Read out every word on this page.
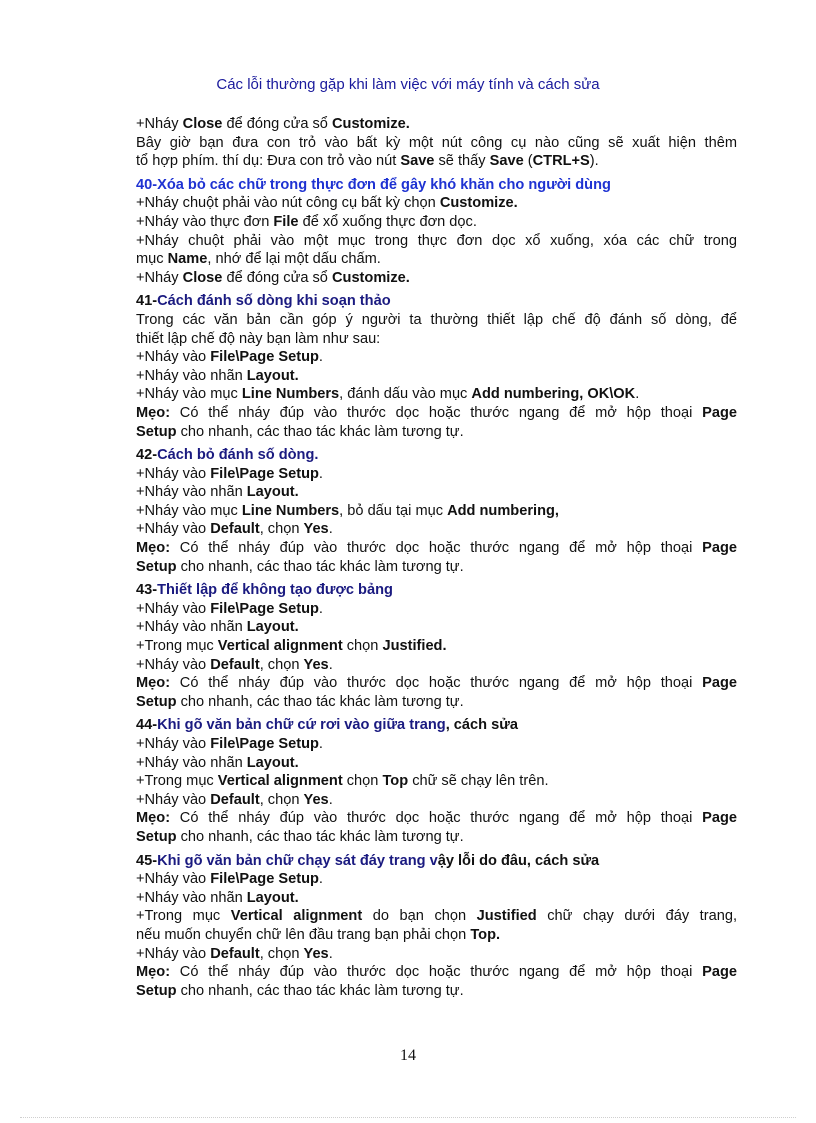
Các lỗi thường gặp khi làm việc với máy tính và cách sửa
+Nháy Close để đóng cửa sổ Customize.
Bây giờ bạn đưa con trỏ vào bất kỳ một nút công cụ nào cũng sẽ xuất hiện thêm
tổ hợp phím. thí dụ: Đưa con trỏ vào nút Save sẽ thấy Save (CTRL+S).
40-Xóa bỏ các chữ trong thực đơn để gây khó khăn cho người dùng
+Nháy chuột phải vào nút công cụ bất kỳ chọn Customize.
+Nháy vào thực đơn File để xổ xuống thực đơn dọc.
+Nháy chuột phải vào một mục trong thực đơn dọc xổ xuống, xóa các chữ trong
mục Name, nhớ để lại một dấu chấm.
+Nháy Close để đóng cửa sổ Customize.
41-Cách đánh số dòng khi soạn thảo
Trong các văn bản cần góp ý người ta thường thiết lập chế độ đánh số dòng, để
thiết lập chế độ này bạn làm như sau:
+Nháy vào File\Page Setup.
+Nháy vào nhãn Layout.
+Nháy vào mục Line Numbers, đánh dấu vào mục Add numbering, OK\OK.
Mẹo: Có thể nháy đúp vào thước dọc hoặc thước ngang để mở hộp thoại Page
Setup cho nhanh, các thao tác khác làm tương tự.
42-Cách bỏ đánh số dòng.
+Nháy vào File\Page Setup.
+Nháy vào nhãn Layout.
+Nháy vào mục Line Numbers, bỏ dấu tại mục Add numbering,
+Nháy vào Default, chọn Yes.
Mẹo: Có thể nháy đúp vào thước dọc hoặc thước ngang để mở hộp thoại Page
Setup cho nhanh, các thao tác khác làm tương tự.
43-Thiết lập để không tạo được bảng
+Nháy vào File\Page Setup.
+Nháy vào nhãn Layout.
+Trong mục Vertical alignment chọn Justified.
+Nháy vào Default, chọn Yes.
Mẹo: Có thể nháy đúp vào thước dọc hoặc thước ngang để mở hộp thoại Page
Setup cho nhanh, các thao tác khác làm tương tự.
44-Khi gõ văn bản chữ cứ rơi vào giữa trang, cách sửa
+Nháy vào File\Page Setup.
+Nháy vào nhãn Layout.
+Trong mục Vertical alignment chọn Top chữ sẽ chạy lên trên.
+Nháy vào Default, chọn Yes.
Mẹo: Có thể nháy đúp vào thước dọc hoặc thước ngang để mở hộp thoại Page
Setup cho nhanh, các thao tác khác làm tương tự.
45-Khi gõ văn bản chữ chạy sát đáy trang vậy lỗi do đâu, cách sửa
+Nháy vào File\Page Setup.
+Nháy vào nhãn Layout.
+Trong mục Vertical alignment do bạn chọn Justified chữ chạy dưới đáy trang,
nếu muốn chuyển chữ lên đầu trang bạn phải chọn Top.
+Nháy vào Default, chọn Yes.
Mẹo: Có thể nháy đúp vào thước dọc hoặc thước ngang để mở hộp thoại Page
Setup cho nhanh, các thao tác khác làm tương tự.
14
